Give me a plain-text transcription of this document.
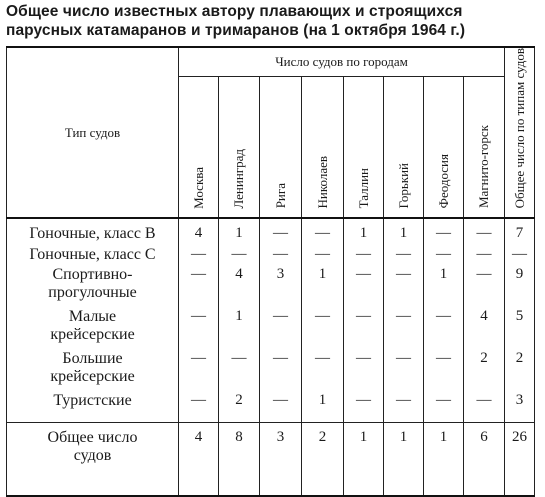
Общее число известных автору плавающих и строящихся
парусных катамаранов и тримаранов (на 1 октября 1964 г.)
Тип судов	Число судов по городам								Общее число по типам судов
	Москва	Ленинград	Рига	Николаев	Таллин	Горький	Феодосия	Магнито-горск	
Гоночные, класс B	4	1	—	—	1	1	—	—	7
Гоночные, класс C	—	—	—	—	—	—	—	—	—
Спортивно-прогулочные	—	4	3	1	—	—	1	—	9
Малые крейсерские	—	1	—	—	—	—	—	4	5
Большие крейсерские	—	—	—	—	—	—	—	2	2
Туристские	—	2	—	1	—	—	—	—	3
Общее число судов	4	8	3	2	1	1	1	6	26
